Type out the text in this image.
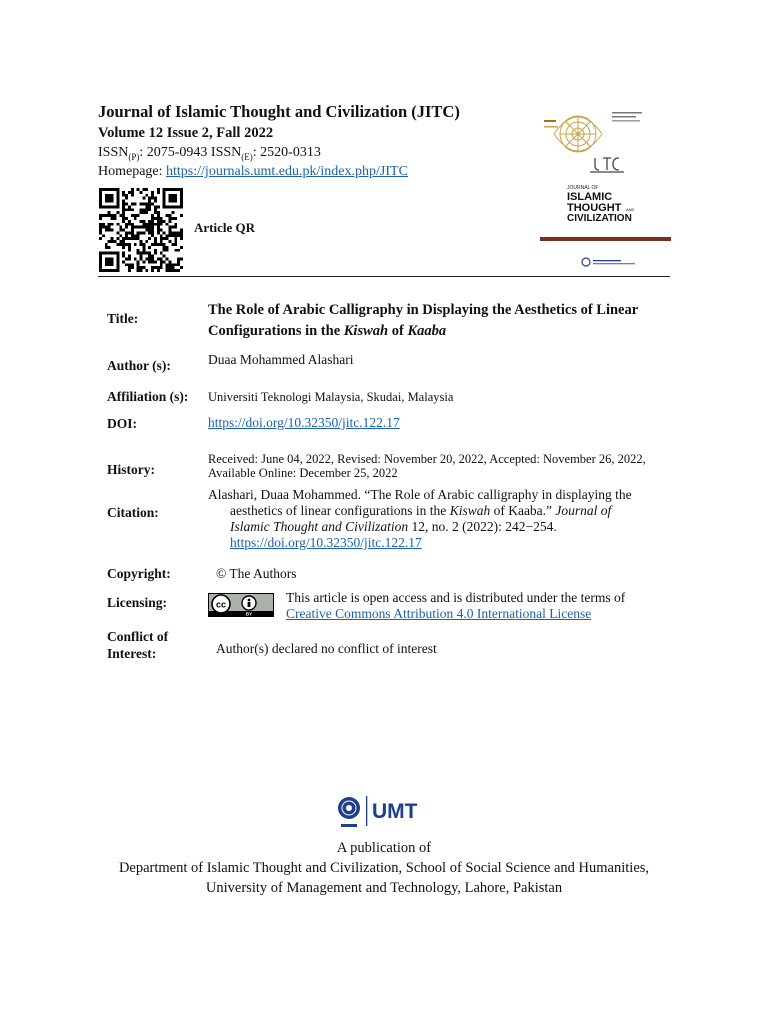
Journal of Islamic Thought and Civilization (JITC)
Volume 12 Issue 2, Fall 2022
$ISSN_{(P)}$: 2075-0943 $ISSN_{(E)}$: 2520-0313
Homepage: https://journals.umt.edu.pk/index.php/JITC
Article QR
JOURNAL OF
ISLAMIC
THOUGHT AND
CIVILIZATION
Title:
The Role of Arabic Calligraphy in Displaying the Aesthetics of Linear Configurations in the Kiswah of Kaaba
Author (s):	Duaa Mohammed Alashari
Affiliation (s): Universiti Teknologi Malaysia, Skudai, Malaysia
DOI:	https://doi.org/10.32350/jitc.122.17
History:
Received: June 04, 2022, Revised: November 20, 2022, Accepted: November 26, 2022,
Available Online: December 25, 2022
Citation:
Alashari, Duaa Mohammed. “The Role of Arabic calligraphy in displaying the
aesthetics of linear configurations in the Kiswah of Kaaba.” Journal of
Islamic Thought and Civilization 12, no. 2 (2022): 242−254.
https://doi.org/10.32350/jitc.122.17
Copyright:	© The Authors
Licensing:	cc
BY
This article is open access and is distributed under the terms of
Creative Commons Attribution 4.0 International License
Conflict of
Interest:	Author(s) declared no conflict of interest
UMT
A publication of
Department of Islamic Thought and Civilization, School of Social Science and Humanities,
University of Management and Technology, Lahore, Pakistan
